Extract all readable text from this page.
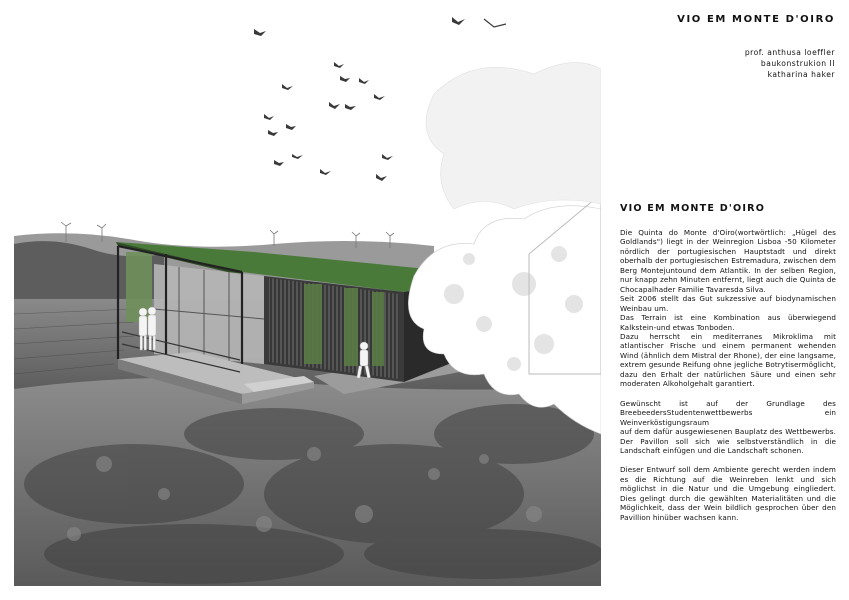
VIO EM MONTE D'OIRO
prof. anthusa loeffler
baukonstrukion II
katharina haker
VIO EM MONTE D'OIRO

Die Quinta do Monte d'Oiro(wortwörtlich: „Hügel des Goldlands") liegt in der Weinregion Lisboa -50 Kilometer nördlich der portugiesischen Hauptstadt und direkt oberhalb der portugiesischen Estremadura, zwischen dem Berg Montejuntound dem Atlantik. In der selben Region, nur knapp zehn Minuten entfernt, liegt auch die Quinta de Chocapalhader Familie Tavaresda Silva.
Seit 2006 stellt das Gut sukzessive auf biodynamischen Weinbau um.
Das Terrain ist eine Kombination aus überwiegend Kalkstein-und etwas Tonboden.
Dazu herrscht ein mediterranes Mikroklima mit atlantischer Frische und einem permanent wehenden Wind (ähnlich dem Mistral der Rhone), der eine langsame, extrem gesunde Reifung ohne jegliche Botrytisermöglicht, dazu den Erhalt der natürlichen Säure und einen sehr moderaten Alkoholgehalt garantiert.

Gewünscht ist auf der Grundlage des BreebeedersStudentenwettbewerbs ein Weinverköstigungsraum
auf dem dafür ausgewiesenen Bauplatz des Wettbewerbs. Der Pavillon soll sich wie selbstverständlich in die Landschaft einfügen und die Landschaft schonen.

Dieser Entwurf soll dem Ambiente gerecht werden indem es die Richtung auf die Weinreben lenkt und sich möglichst in die Natur und die Umgebung eingliedert. Dies gelingt durch die gewählten Materialitäten und die Möglichkeit, dass der Wein bildlich gesprochen über den Pavillion hinüber wachsen kann.
